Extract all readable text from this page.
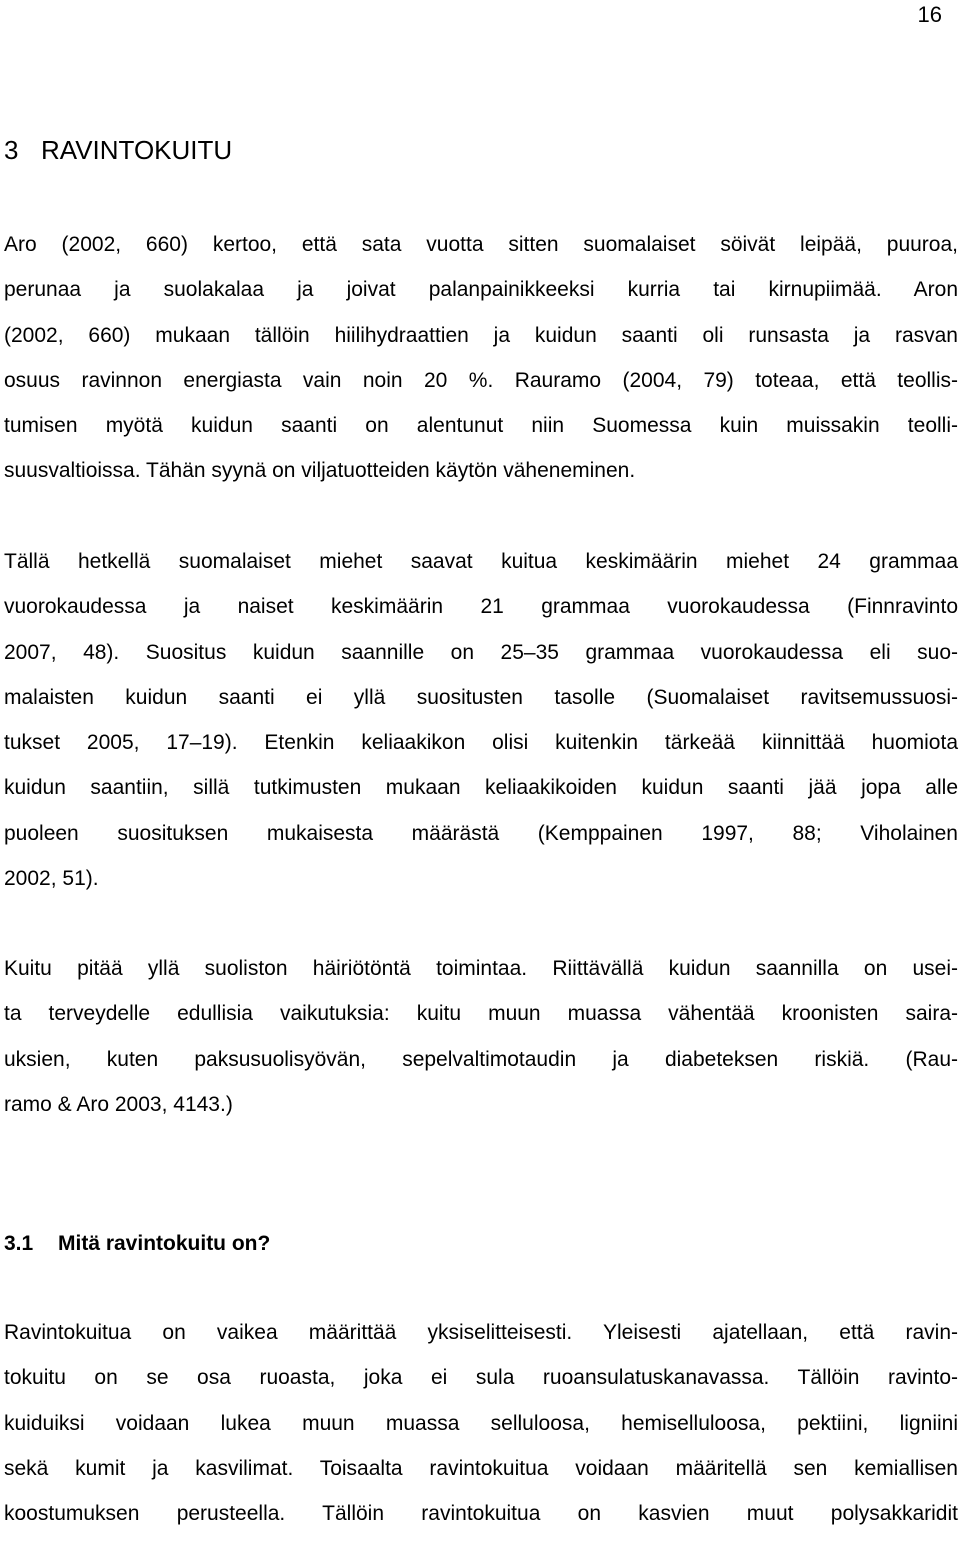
16
3 RAVINTOKUITU
Aro (2002, 660) kertoo, että sata vuotta sitten suomalaiset söivät leipää, puuroa,
perunaa ja suolakalaa ja joivat palanpainikkeeksi kurria tai kirnupiimää. Aron
(2002, 660) mukaan tällöin hiilihydraattien ja kuidun saanti oli runsasta ja rasvan
osuus ravinnon energiasta vain noin 20 %. Rauramo (2004, 79) toteaa, että teollis-
tumisen myötä kuidun saanti on alentunut niin Suomessa kuin muissakin teolli-
suusvaltioissa. Tähän syynä on viljatuotteiden käytön väheneminen.
Tällä hetkellä suomalaiset miehet saavat kuitua keskimäärin miehet 24 grammaa
vuorokaudessa ja naiset keskimäärin 21 grammaa vuorokaudessa (Finnravinto
2007, 48). Suositus kuidun saannille on 25–35 grammaa vuorokaudessa eli suo-
malaisten kuidun saanti ei yllä suositusten tasolle (Suomalaiset ravitsemussuosi-
tukset 2005, 17–19). Etenkin keliaakikon olisi kuitenkin tärkeää kiinnittää huomiota
kuidun saantiin, sillä tutkimusten mukaan keliaakikoiden kuidun saanti jää jopa alle
puoleen suosituksen mukaisesta määrästä (Kemppainen 1997, 88; Viholainen
2002, 51).
Kuitu pitää yllä suoliston häiriötöntä toimintaa. Riittävällä kuidun saannilla on usei-
ta terveydelle edullisia vaikutuksia: kuitu muun muassa vähentää kroonisten saira-
uksien, kuten paksusuolisyövän, sepelvaltimotaudin ja diabeteksen riskiä. (Rau-
ramo & Aro 2003, 4143.)
3.1 Mitä ravintokuitu on?
Ravintokuitua on vaikea määrittää yksiselitteisesti. Yleisesti ajatellaan, että ravin-
tokuitu on se osa ruoasta, joka ei sula ruoansulatuskanavassa. Tällöin ravinto-
kuiduiksi voidaan lukea muun muassa selluloosa, hemiselluloosa, pektiini, ligniini
sekä kumit ja kasvilimat. Toisaalta ravintokuitua voidaan määritellä sen kemiallisen
koostumuksen perusteella. Tällöin ravintokuitua on kasvien muut polysakkaridit
